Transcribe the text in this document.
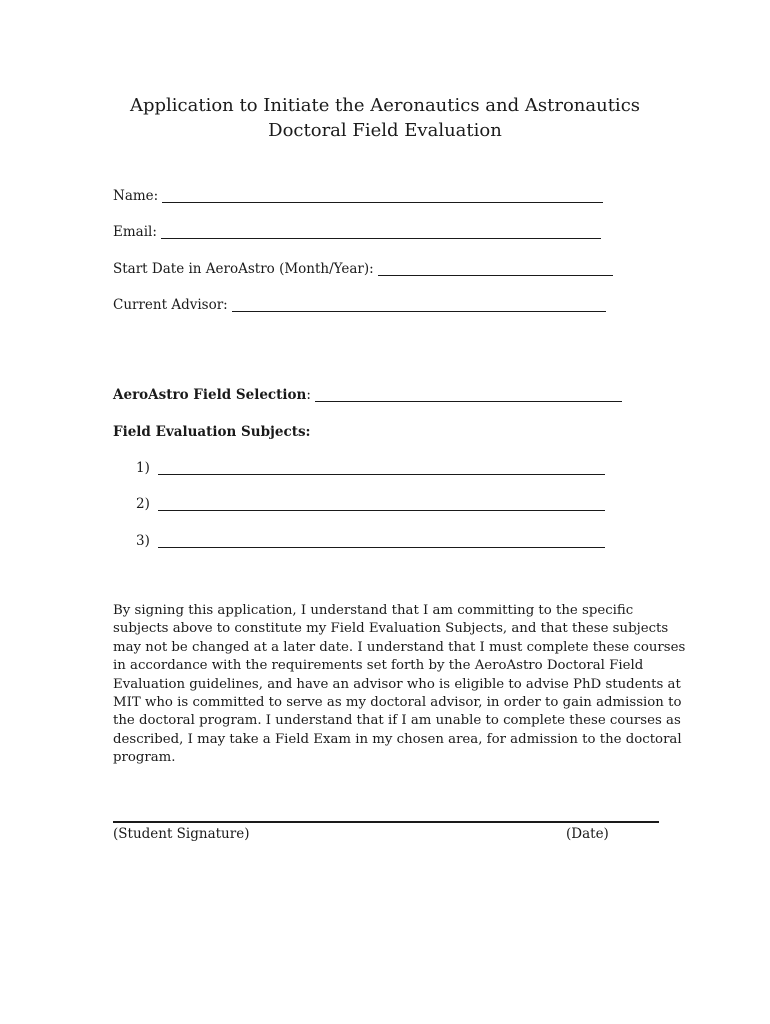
Application to Initiate the Aeronautics and Astronautics
Doctoral Field Evaluation
Name:
Email:
Start Date in AeroAstro (Month/Year):
Current Advisor:
AeroAstro Field Selection :
Field Evaluation Subjects:
1)
2)
3)
By signing this application, I understand that I am committing to the specific
subjects above to constitute my Field Evaluation Subjects, and that these subjects
may not be changed at a later date. I understand that I must complete these courses
in accordance with the requirements set forth by the AeroAstro Doctoral Field
Evaluation guidelines, and have an advisor who is eligible to advise PhD students at
MIT who is committed to serve as my doctoral advisor, in order to gain admission to
the doctoral program. I understand that if I am unable to complete these courses as
described, I may take a Field Exam in my chosen area, for admission to the doctoral
program.
(Student Signature)	(Date)
